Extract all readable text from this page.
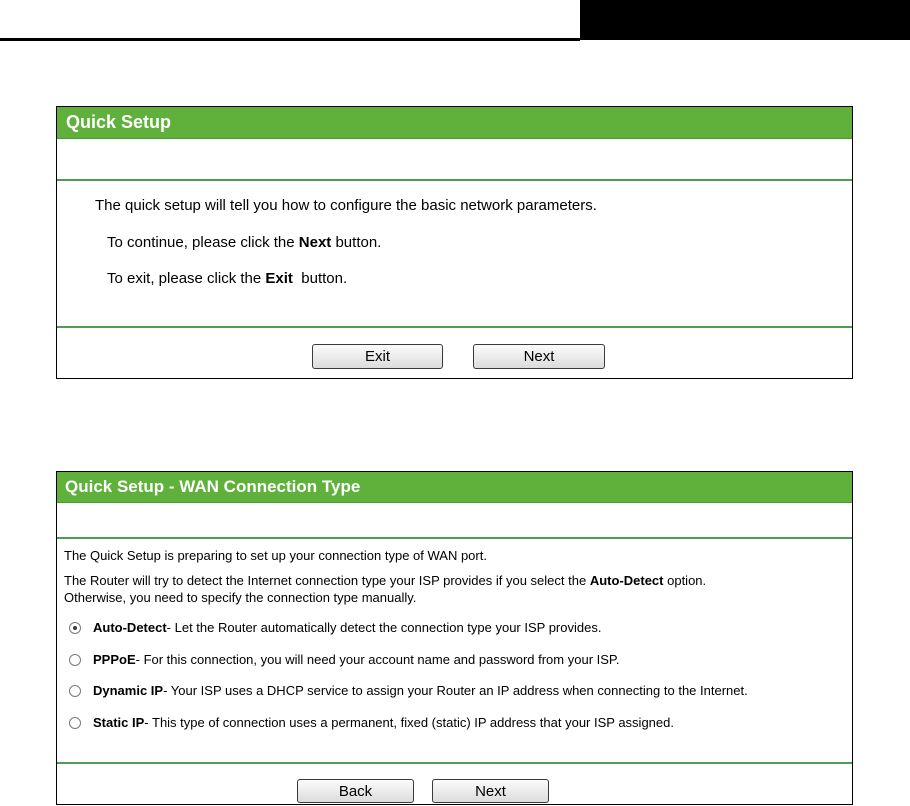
Quick Setup
The quick setup will tell you how to configure the basic network parameters.
To continue, please click the Next button.
To exit, please click the Exit  button.
Exit	Next
Quick Setup - WAN Connection Type
The Quick Setup is preparing to set up your connection type of WAN port.
The Router will try to detect the Internet connection type your ISP provides if you select the Auto-Detect option.
Otherwise, you need to specify the connection type manually.
Auto-Detect - Let the Router automatically detect the connection type your ISP provides.
PPPoE - For this connection, you will need your account name and password from your ISP.
Dynamic IP - Your ISP uses a DHCP service to assign your Router an IP address when connecting to the Internet.
Static IP - This type of connection uses a permanent, fixed (static) IP address that your ISP assigned.
Back	Next
